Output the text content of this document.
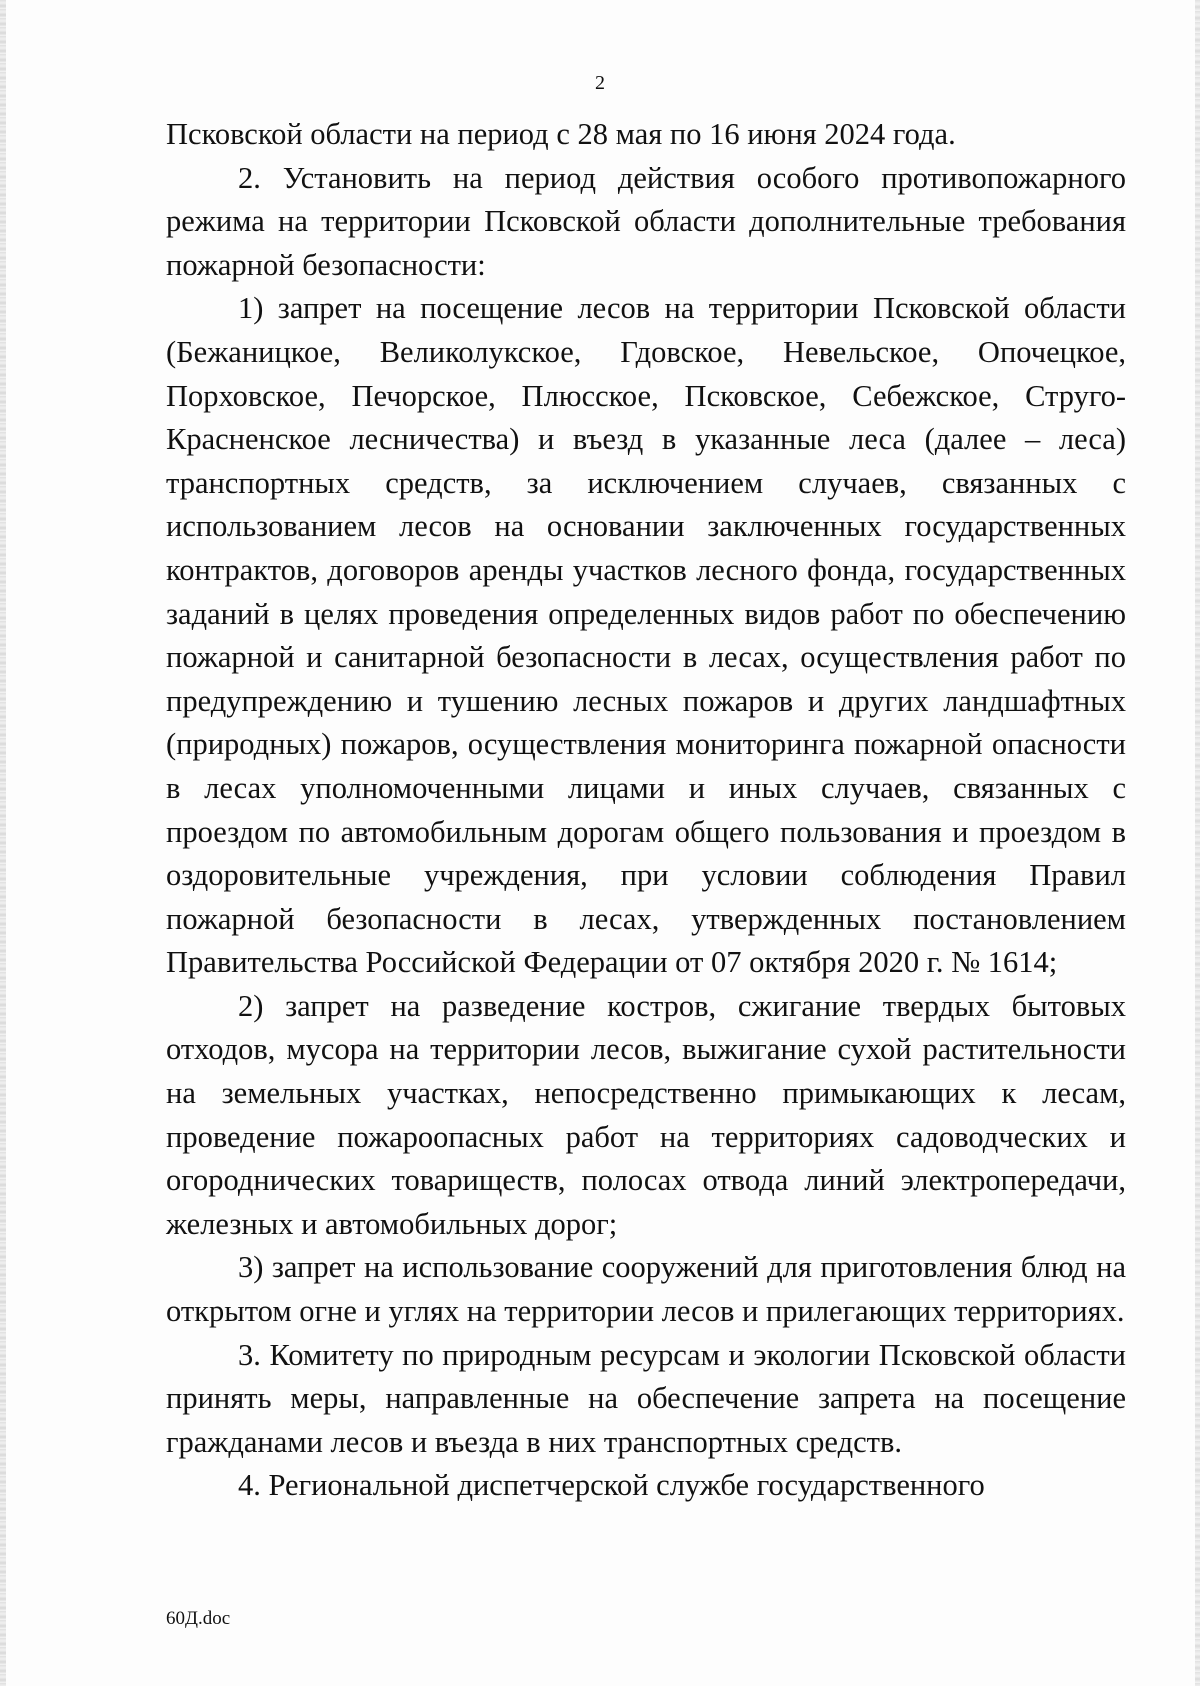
2

Псковской области на период с 28 мая по 16 июня 2024 года.

2. Установить на период действия особого противопожарного режима на территории Псковской области дополнительные требования пожарной безопасности:

1) запрет на посещение лесов на территории Псковской области (Бежаницкое, Великолукское, Гдовское, Невельское, Опочецкое, Порховское, Печорское, Плюсское, Псковское, Себежское, Струго-Красненское лесничества) и въезд в указанные леса (далее – леса) транспортных средств, за исключением случаев, связанных с использованием лесов на основании заключенных государственных контрактов, договоров аренды участков лесного фонда, государственных заданий в целях проведения определенных видов работ по обеспечению пожарной и санитарной безопасности в лесах, осуществления работ по предупреждению и тушению лесных пожаров и других ландшафтных (природных) пожаров, осуществления мониторинга пожарной опасности в лесах уполномоченными лицами и иных случаев, связанных с проездом по автомобильным дорогам общего пользования и проездом в оздоровительные учреждения, при условии соблюдения Правил пожарной безопасности в лесах, утвержденных постановлением Правительства Российской Федерации от 07 октября 2020 г. № 1614;

2) запрет на разведение костров, сжигание твердых бытовых отходов, мусора на территории лесов, выжигание сухой растительности на земельных участках, непосредственно примыкающих к лесам, проведение пожароопасных работ на территориях садоводческих и огороднических товариществ, полосах отвода линий электропередачи, железных и автомобильных дорог;

3) запрет на использование сооружений для приготовления блюд на открытом огне и углях на территории лесов и прилегающих территориях.

3. Комитету по природным ресурсам и экологии Псковской области принять меры, направленные на обеспечение запрета на посещение гражданами лесов и въезда в них транспортных средств.

4. Региональной диспетчерской службе государственного

60Д.doc
